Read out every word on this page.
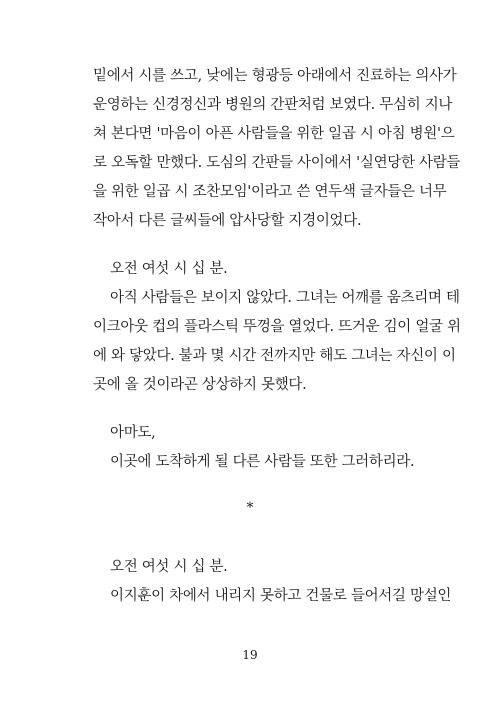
밑에서 시를 쓰고, 낮에는 형광등 아래에서 진료하는 의사가
운영하는 신경정신과 병원의 간판처럼 보였다. 무심히 지나
쳐 본다면 '마음이 아픈 사람들을 위한 일곱 시 아침 병원'으
로 오독할 만했다. 도심의 간판들 사이에서 '실연당한 사람들
을 위한 일곱 시 조찬모임'이라고 쓴 연두색 글자들은 너무
작아서 다른 글씨들에 압사당할 지경이었다.
오전 여섯 시 십 분.
아직 사람들은 보이지 않았다. 그녀는 어깨를 움츠리며 테
이크아웃 컵의 플라스틱 뚜껑을 열었다. 뜨거운 김이 얼굴 위
에 와 닿았다. 불과 몇 시간 전까지만 해도 그녀는 자신이 이
곳에 올 것이라곤 상상하지 못했다.
아마도,
이곳에 도착하게 될 다른 사람들 또한 그러하리라.
*
오전 여섯 시 십 분.
이지훈이 차에서 내리지 못하고 건물로 들어서길 망설인
19
